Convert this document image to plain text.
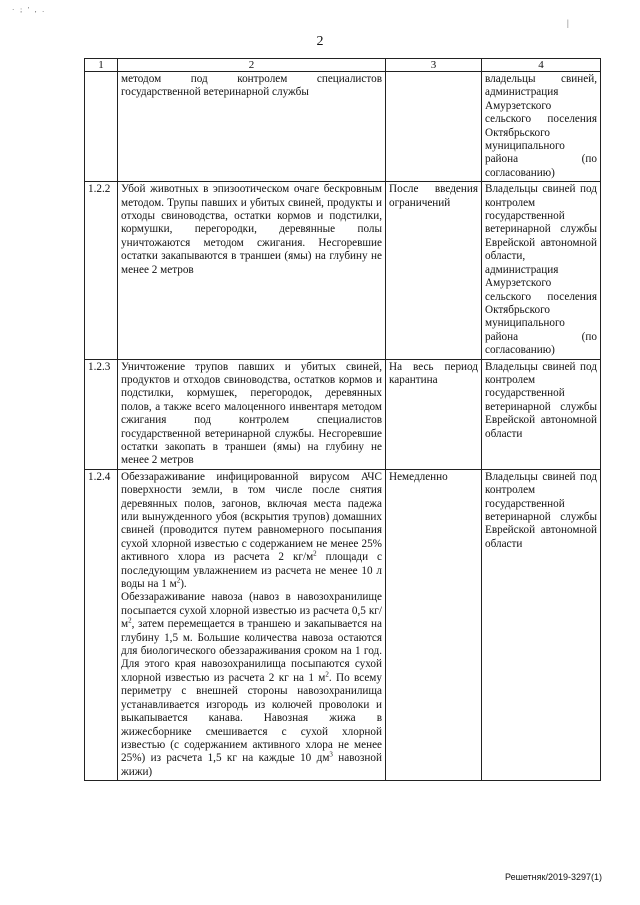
· ; ' , .
|
2
1	2	3	4
	методом под контролем специалистов государственной ветеринарной службы		владельцы свиней, администрация Амурзетского сельского поселения Октябрьского муниципального района (по согласованию)
1.2.2	Убой животных в эпизоотическом очаге бескровным методом. Трупы павших и убитых свиней, продукты и отходы свиноводства, остатки кормов и подстилки, кормушки, перегородки, деревянные полы уничтожаются методом сжигания. Несгоревшие остатки закапываются в траншеи (ямы) на глубину не менее 2 метров	После введения ограничений	Владельцы свиней под контролем государственной ветеринарной службы Еврейской автономной области, администрация Амурзетского сельского поселения Октябрьского муниципального района (по согласованию)
1.2.3	Уничтожение трупов павших и убитых свиней, продуктов и отходов свиноводства, остатков кормов и подстилки, кормушек, перегородок, деревянных полов, а также всего малоценного инвентаря методом сжигания под контролем специалистов государственной ветеринарной службы. Несгоревшие остатки закопать в траншеи (ямы) на глубину не менее 2 метров	На весь период карантина	Владельцы свиней под контролем государственной ветеринарной службы Еврейской автономной области
1.2.4	Обеззараживание инфицированной вирусом АЧС поверхности земли, в том числе после снятия деревянных полов, загонов, включая места падежа или вынужденного убоя (вскрытия трупов) домашних свиней (проводится путем равномерного посыпания сухой хлорной известью с содержанием не менее 25% активного хлора из расчета 2 $кг/м^2$ площади с последующим увлажнением из расчета не менее 10 л воды на 1 $м^2$).
Обеззараживание навоза (навоз в навозохранилище посыпается сухой хлорной известью из расчета 0,5 $кг/м^2$, затем перемещается в траншею и закапывается на глубину 1,5 м. Большие количества навоза остаются для биологического обеззараживания сроком на 1 год. Для этого края навозохранилища посыпаются сухой хлорной известью из расчета 2 кг на 1 $м^2$. По всему периметру с внешней стороны навозохранилища устанавливается изгородь из колючей проволоки и выкапывается канава. Навозная жижа в жижесборнике смешивается с сухой хлорной известью (с содержанием активного хлора не менее 25%) из расчета 1,5 кг на каждые 10 $дм^3$ навозной жижи)	Немедленно	Владельцы свиней под контролем государственной ветеринарной службы Еврейской автономной области
Решетняк/2019-3297(1)
